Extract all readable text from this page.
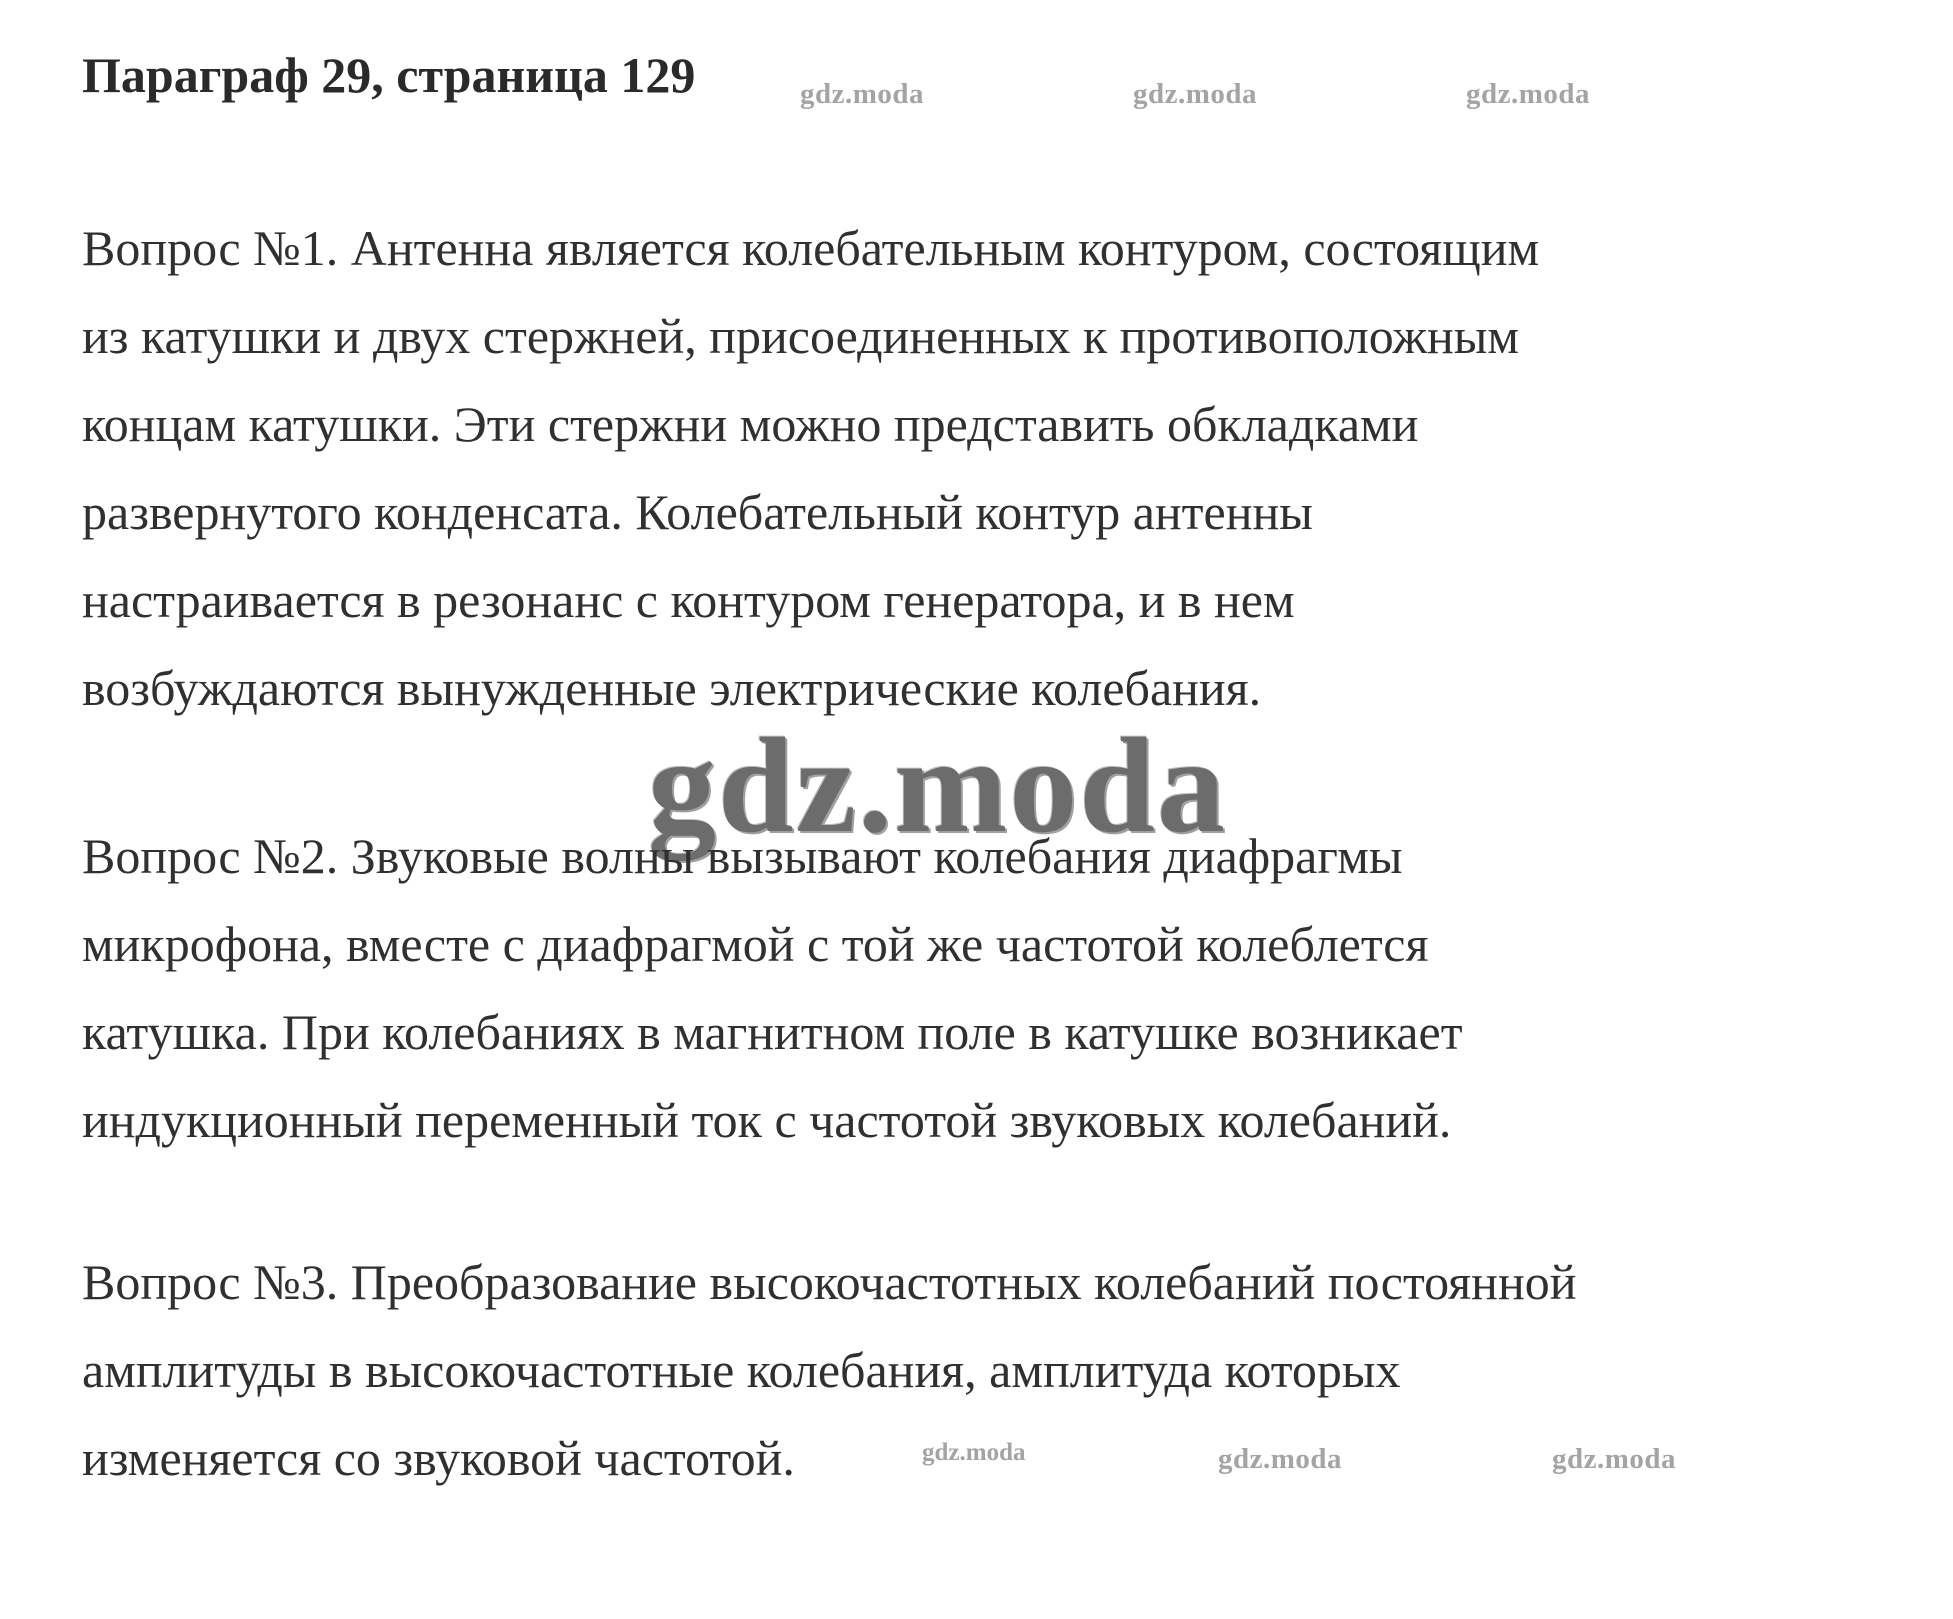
Параграф 29, страница 129	gdz.moda	gdz.moda	gdz.moda
Вопрос №1. Антенна является колебательным контуром, состоящим
из катушки и двух стержней, присоединенных к противоположным
концам катушки. Эти стержни можно представить обкладками
развернутого конденсата. Колебательный контур антенны
настраивается в резонанс с контуром генератора, и в нем
возбуждаются вынужденные электрические колебания.
gdz.moda
Вопрос №2. Звуковые волны вызывают колебания диафрагмы
микрофона, вместе с диафрагмой с той же частотой колеблется
катушка. При колебаниях в магнитном поле в катушке возникает
индукционный переменный ток с частотой звуковых колебаний.
Вопрос №3. Преобразование высокочастотных колебаний постоянной
амплитуды в высокочастотные колебания, амплитуда которых
изменяется со звуковой частотой.	gdz.moda	gdz.moda	gdz.moda
